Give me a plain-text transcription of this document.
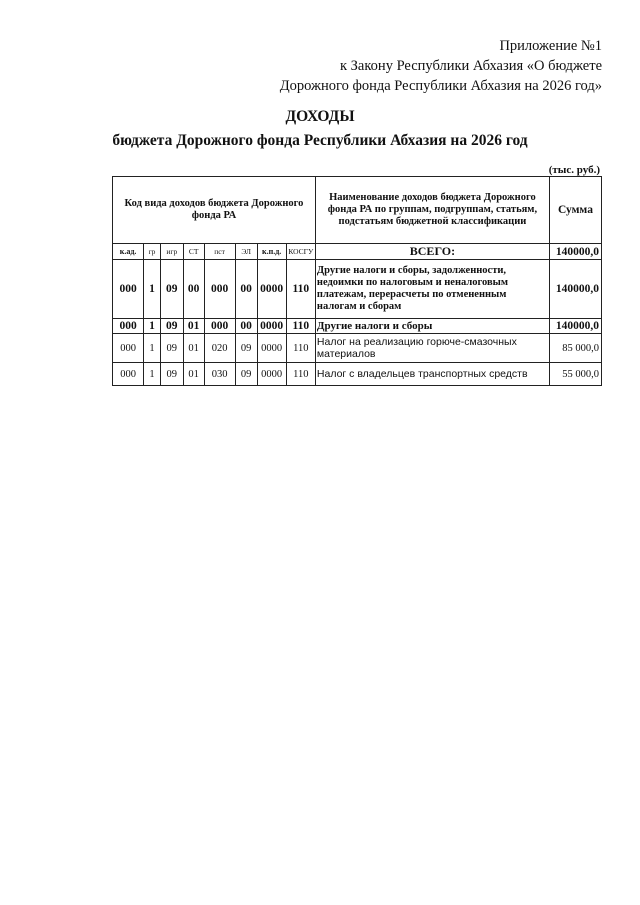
Приложение №1
к Закону Республики Абхазия «О бюджете
Дорожного фонда Республики Абхазия на 2026 год»
ДОХОДЫ
бюджета Дорожного фонда Республики Абхазия на 2026 год
(тыс. руб.)
Код вида доходов бюджета Дорожного фонда РА								Наименование доходов бюджета Дорожного фонда РА по группам, подгруппам, статьям, подстатьям бюджетной классификации	Сумма
к.ад.	гр	игр	СТ	пст	ЭЛ	к.п.д.	КОСГУ	ВСЕГО:	140000,0
000	1	09	00	000	00	0000	110	Другие налоги и сборы, задолженности, недоимки по налоговым и неналоговым платежам, перерасчеты по отмененным налогам и сборам	140000,0
000	1	09	01	000	00	0000	110	Другие налоги и сборы	140000,0
000	1	09	01	020	09	0000	110	Налог на реализацию горюче-смазочных материалов	85 000,0
000	1	09	01	030	09	0000	110	Налог с владельцев транспортных средств	55 000,0
